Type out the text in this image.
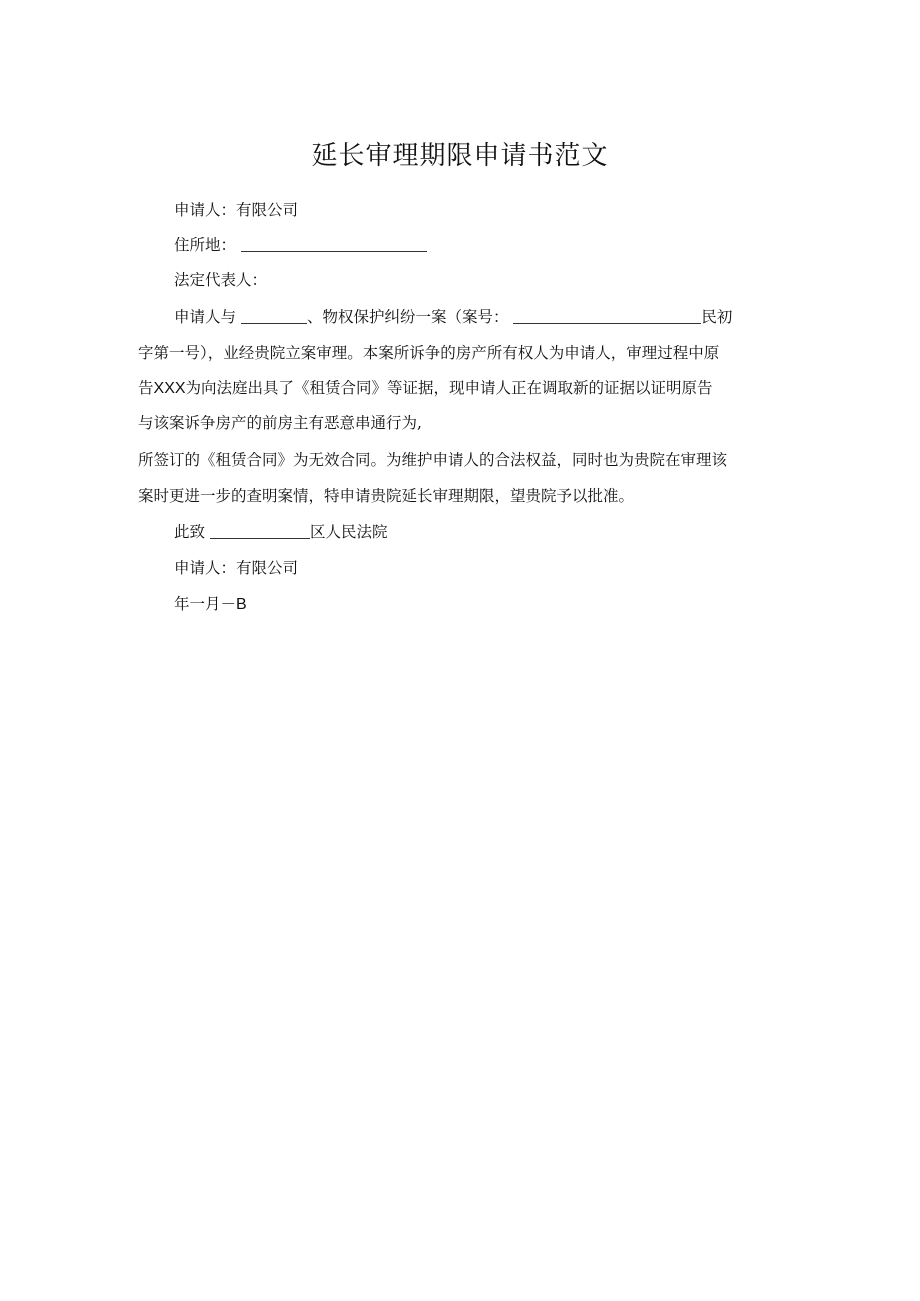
延长审理期限申请书范文
申请人：有限公司
住所地：
法定代表人：
申请人与	、物权保护纠纷一案（案号：	民初
字第一号），业经贵院立案审理。本案所诉争的房产所有权人为申请人，审理过程中原
告XXX为向法庭出具了《租赁合同》等证据，现申请人正在调取新的证据以证明原告
与该案诉争房产的前房主有恶意串通行为,
所签订的《租赁合同》为无效合同。为维护申请人的合法权益，同时也为贵院在审理该
案时更进一步的查明案情，特申请贵院延长审理期限，望贵院予以批准。
此致	区人民法院
申请人：有限公司
年一月－B
